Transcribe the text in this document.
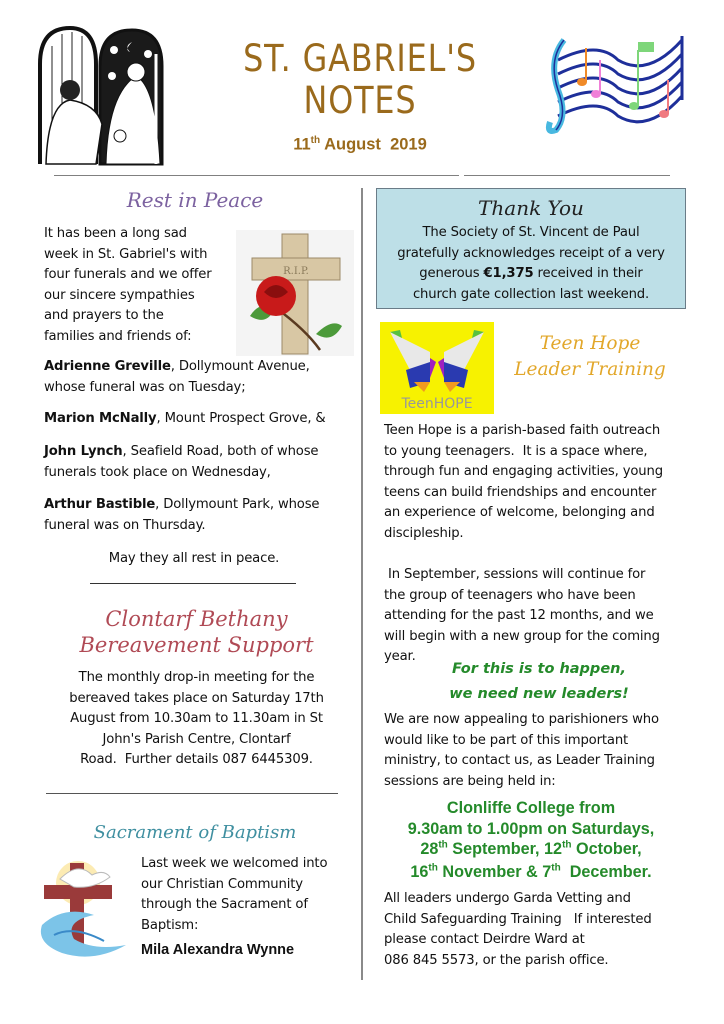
ST. GABRIEL'S
NOTES
11th August  2019
Rest in Peace
It has been a long sad
week in St. Gabriel's with
four funerals and we offer
our sincere sympathies
and prayers to the
families and friends of:
R.I.P.
Adrienne Greville, Dollymount Avenue, whose funeral was on Tuesday;
Marion McNally, Mount Prospect Grove, &
John Lynch, Seafield Road, both of whose funerals took place on Wednesday,
Arthur Bastible, Dollymount Park, whose funeral was on Thursday.
May they all rest in peace.
Clontarf Bethany
Bereavement Support
The monthly drop-in meeting for the
bereaved takes place on Saturday 17th
August from 10.30am to 11.30am in St
John's Parish Centre, Clontarf
Road.  Further details 087 6445309.
Sacrament of Baptism
Last week we welcomed into
our Christian Community
through the Sacrament of
Baptism:
Mila Alexandra Wynne
Thank You
The Society of St. Vincent de Paul
gratefully acknowledges receipt of a very
generous €1,375 received in their
church gate collection last weekend.
TeenHOPE
Teen Hope
Leader Training
Teen Hope is a parish-based faith outreach
to young teenagers.  It is a space where,
through fun and engaging activities, young
teens can build friendships and encounter
an experience of welcome, belonging and
discipleship.
In September, sessions will continue for
the group of teenagers who have been
attending for the past 12 months, and we
will begin with a new group for the coming
year.
For this is to happen,
we need new leaders!
We are now appealing to parishioners who
would like to be part of this important
ministry, to contact us, as Leader Training
sessions are being held in:
Clonliffe College from
9.30am to 1.00pm on Saturdays,
28th September, 12th October,
16th November & 7th  December.
All leaders undergo Garda Vetting and
Child Safeguarding Training   If interested
please contact Deirdre Ward at
086 845 5573, or the parish office.
